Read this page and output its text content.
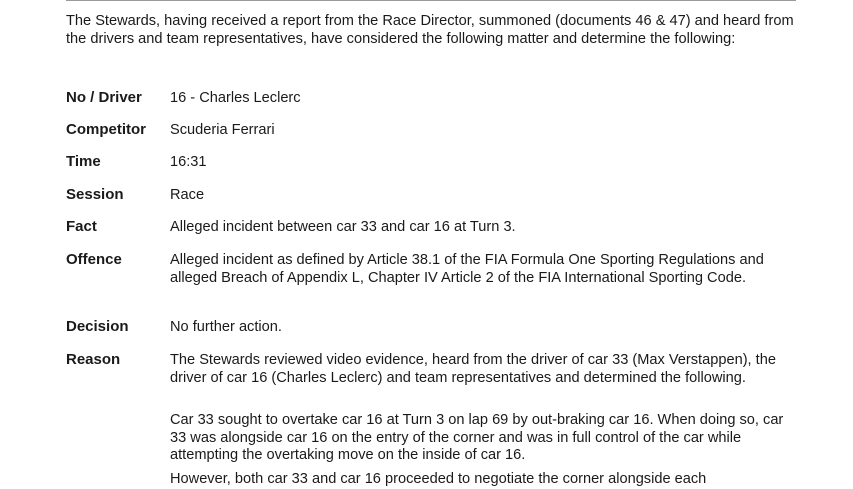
The Stewards, having received a report from the Race Director, summoned (documents 46 & 47) and heard from the drivers and team representatives, have considered the following matter and determine the following:

No / Driver 16 - Charles Leclerc

Competitor Scuderia Ferrari

Time	16:31

Session	Race

Fact	Alleged incident between car 33 and car 16 at Turn 3.

Offence	Alleged incident as defined by Article 38.1 of the FIA Formula One Sporting Regulations and alleged Breach of Appendix L, Chapter IV Article 2 of the FIA International Sporting Code.

Decision	No further action.

Reason	The Stewards reviewed video evidence, heard from the driver of car 33 (Max Verstappen), the driver of car 16 (Charles Leclerc) and team representatives and determined the following.

Car 33 sought to overtake car 16 at Turn 3 on lap 69 by out-braking car 16. When doing so, car 33 was alongside car 16 on the entry of the corner and was in full control of the car while attempting the overtaking move on the inside of car 16.

However, both car 33 and car 16 proceeded to negotiate the corner alongside each
